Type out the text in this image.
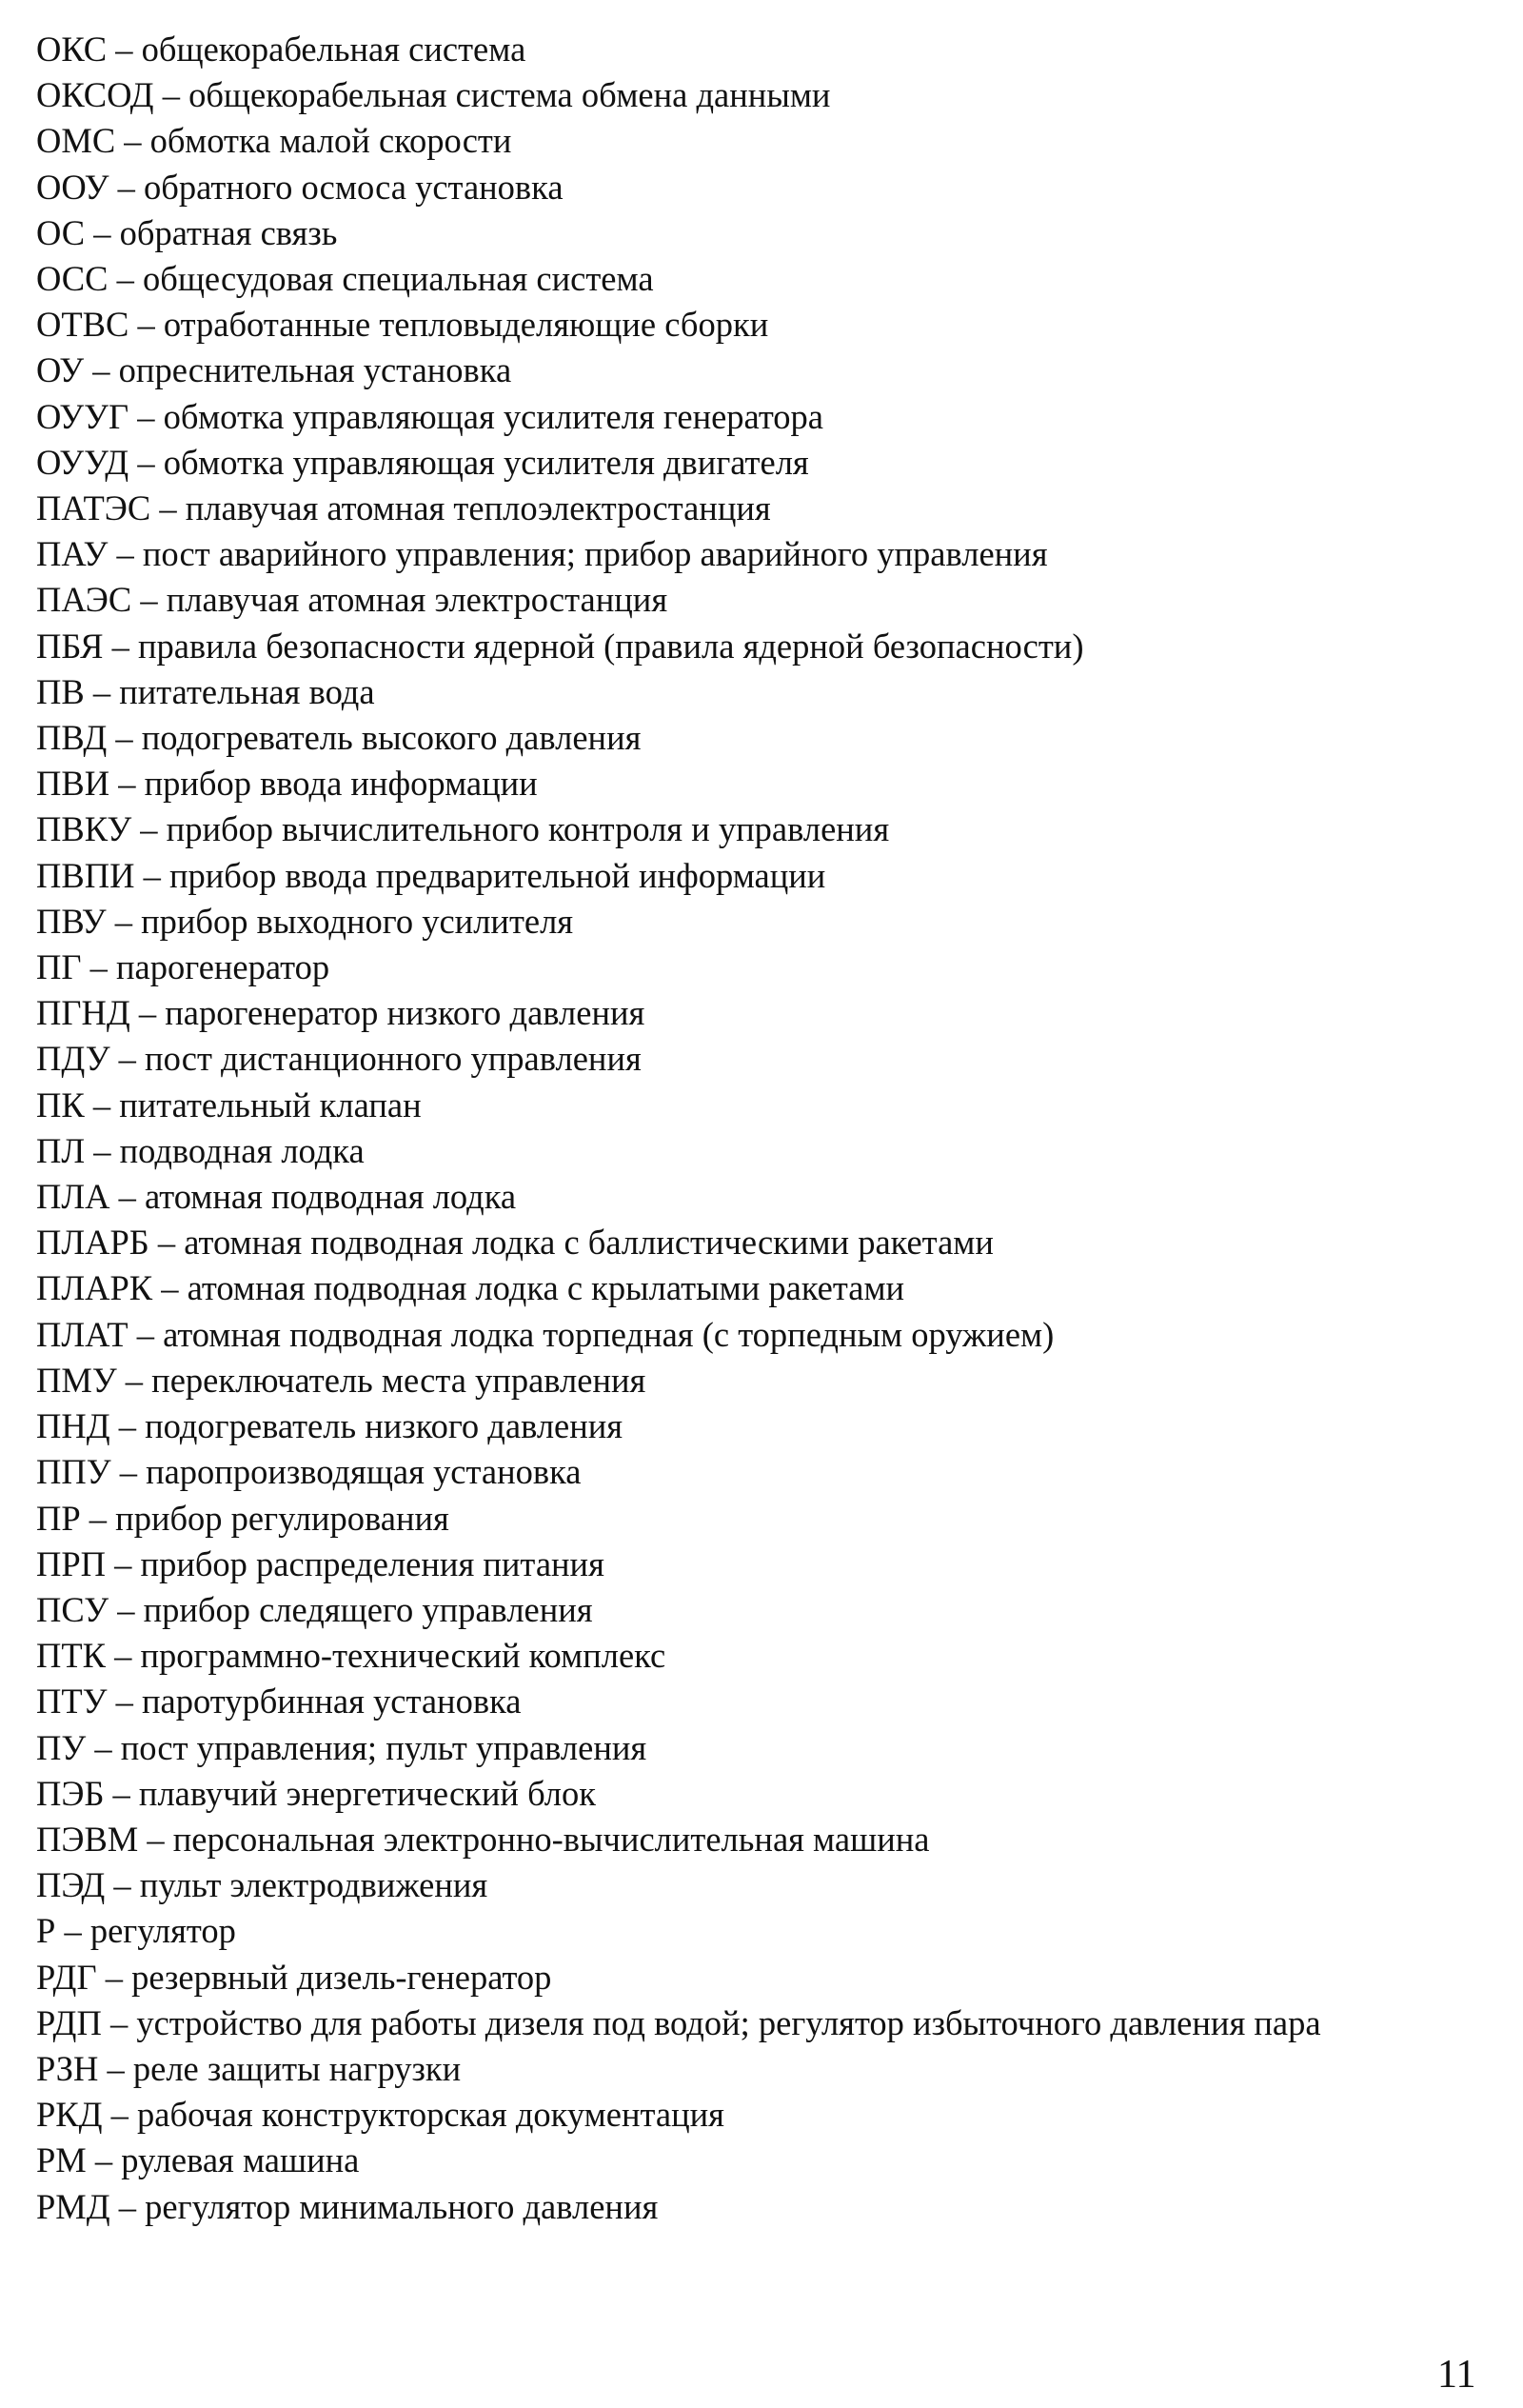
ОКС – общекорабельная система
ОКСОД – общекорабельная система обмена данными
ОМС – обмотка малой скорости
ООУ – обратного осмоса установка
ОС – обратная связь
ОСС – общесудовая специальная система
ОТВС – отработанные тепловыделяющие сборки
ОУ – опреснительная установка
ОУУГ – обмотка управляющая усилителя генератора
ОУУД – обмотка управляющая усилителя двигателя
ПАТЭС – плавучая атомная теплоэлектростанция
ПАУ – пост аварийного управления; прибор аварийного управления
ПАЭС – плавучая атомная электростанция
ПБЯ – правила безопасности ядерной (правила ядерной безопасности)
ПВ – питательная вода
ПВД – подогреватель высокого давления
ПВИ – прибор ввода информации
ПВКУ – прибор вычислительного контроля и управления
ПВПИ – прибор ввода предварительной информации
ПВУ – прибор выходного усилителя
ПГ – парогенератор
ПГНД – парогенератор низкого давления
ПДУ – пост дистанционного управления
ПК – питательный клапан
ПЛ – подводная лодка
ПЛА – атомная подводная лодка
ПЛАРБ – атомная подводная лодка с баллистическими ракетами
ПЛАРК – атомная подводная лодка с крылатыми ракетами
ПЛАТ – атомная подводная лодка торпедная (с торпедным оружием)
ПМУ – переключатель места управления
ПНД – подогреватель низкого давления
ППУ – паропроизводящая установка
ПР – прибор регулирования
ПРП – прибор распределения питания
ПСУ – прибор следящего управления
ПТК – программно-технический комплекс
ПТУ – паротурбинная установка
ПУ – пост управления; пульт управления
ПЭБ – плавучий энергетический блок
ПЭВМ – персональная электронно-вычислительная машина
ПЭД – пульт электродвижения
Р – регулятор
РДГ – резервный дизель-генератор
РДП – устройство для работы дизеля под водой; регулятор избыточного давления пара
РЗН – реле защиты нагрузки
РКД – рабочая конструкторская документация
РМ – рулевая машина
РМД – регулятор минимального давления
11
